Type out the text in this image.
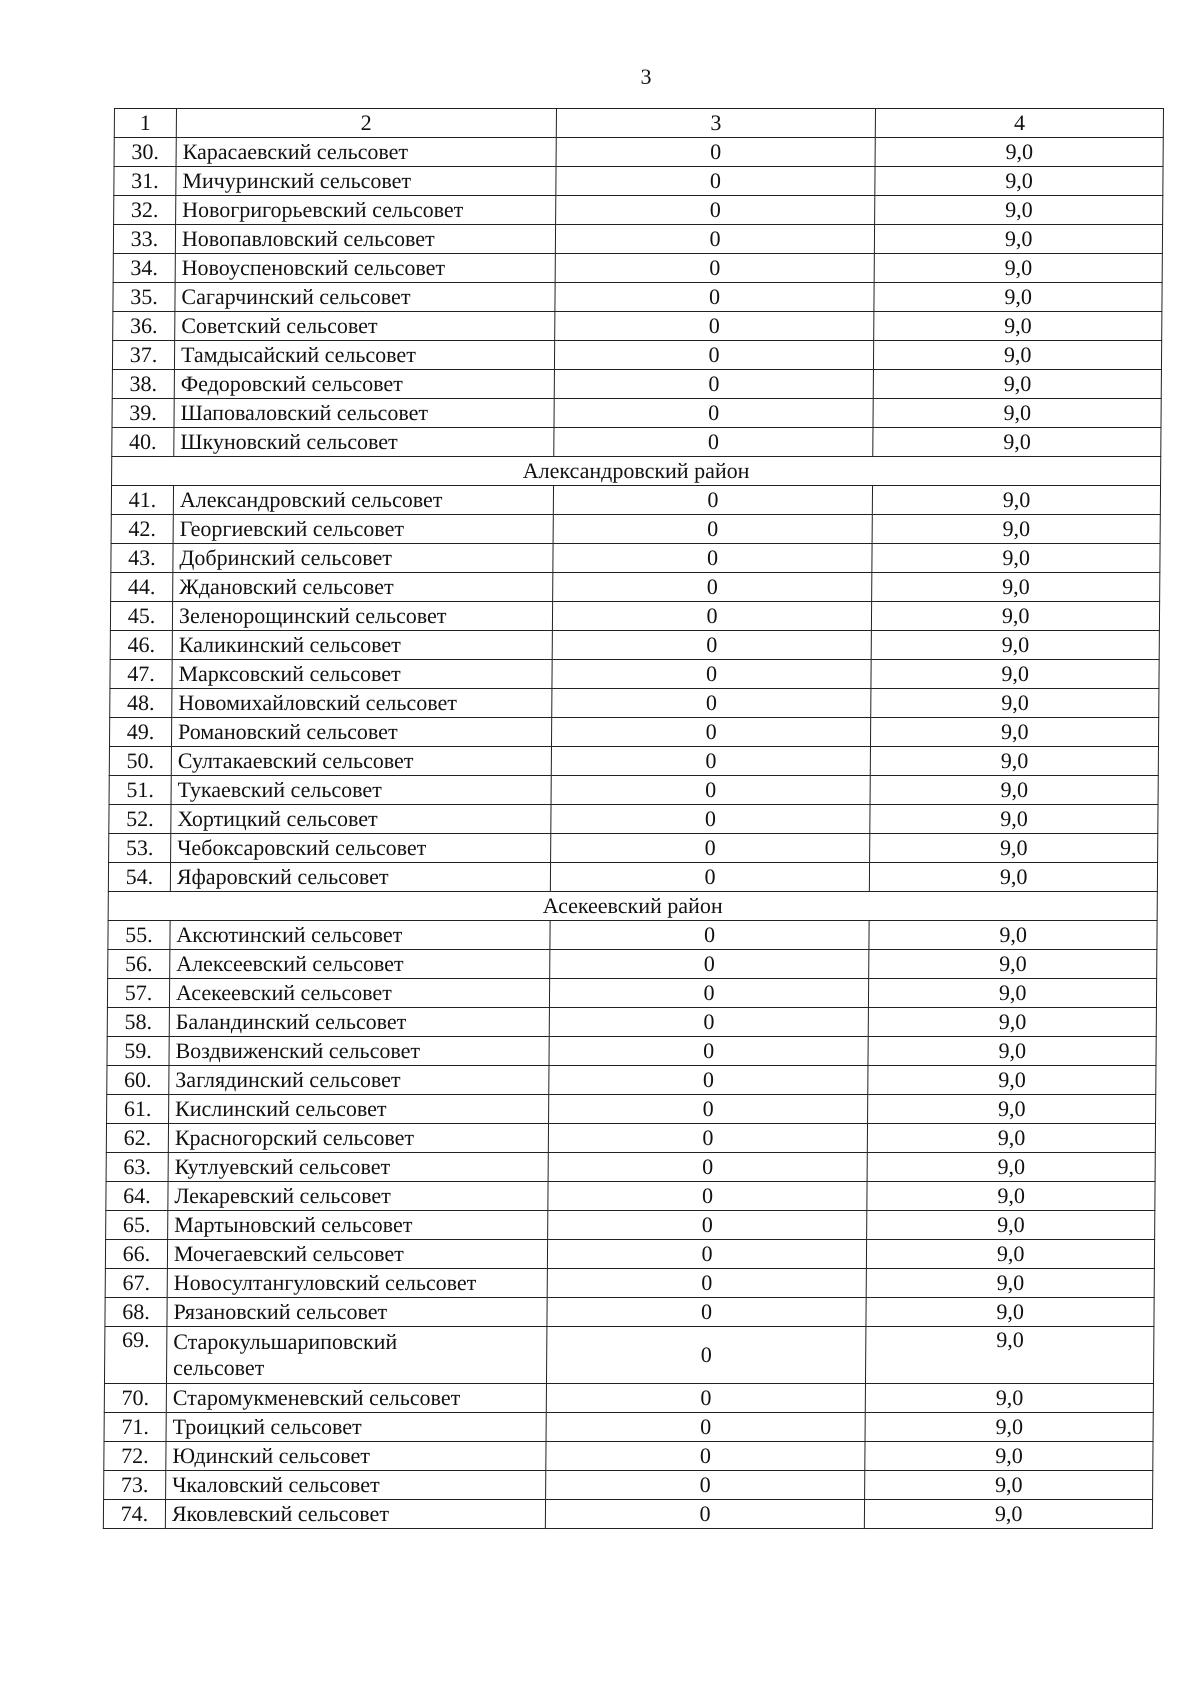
3
1	2	3	4
30.	Карасаевский сельсовет	0	9,0
31.	Мичуринский сельсовет	0	9,0
32.	Новогригорьевский сельсовет	0	9,0
33.	Новопавловский сельсовет	0	9,0
34.	Новоуспеновский сельсовет	0	9,0
35.	Сагарчинский сельсовет	0	9,0
36.	Советский сельсовет	0	9,0
37.	Тамдысайский сельсовет	0	9,0
38.	Федоровский сельсовет	0	9,0
39.	Шаповаловский сельсовет	0	9,0
40.	Шкуновский сельсовет	0	9,0
Александровский район			
41.	Александровский сельсовет	0	9,0
42.	Георгиевский сельсовет	0	9,0
43.	Добринский сельсовет	0	9,0
44.	Ждановский сельсовет	0	9,0
45.	Зеленорощинский сельсовет	0	9,0
46.	Каликинский сельсовет	0	9,0
47.	Марксовский сельсовет	0	9,0
48.	Новомихайловский сельсовет	0	9,0
49.	Романовский сельсовет	0	9,0
50.	Султакаевский сельсовет	0	9,0
51.	Тукаевский сельсовет	0	9,0
52.	Хортицкий сельсовет	0	9,0
53.	Чебоксаровский сельсовет	0	9,0
54.	Яфаровский сельсовет	0	9,0
Асекеевский район			
55.	Аксютинский сельсовет	0	9,0
56.	Алексеевский сельсовет	0	9,0
57.	Асекеевский сельсовет	0	9,0
58.	Баландинский сельсовет	0	9,0
59.	Воздвиженский сельсовет	0	9,0
60.	Заглядинский сельсовет	0	9,0
61.	Кислинский сельсовет	0	9,0
62.	Красногорский сельсовет	0	9,0
63.	Кутлуевский сельсовет	0	9,0
64.	Лекаревский сельсовет	0	9,0
65.	Мартыновский сельсовет	0	9,0
66.	Мочегаевский сельсовет	0	9,0
67.	Новосултангуловский сельсовет	0	9,0
68.	Рязановский сельсовет	0	9,0
69.	Старокульшариповский
сельсовет	0	9,0
70.	Старомукменевский сельсовет	0	9,0
71.	Троицкий сельсовет	0	9,0
72.	Юдинский сельсовет	0	9,0
73.	Чкаловский сельсовет	0	9,0
74.	Яковлевский сельсовет	0	9,0
